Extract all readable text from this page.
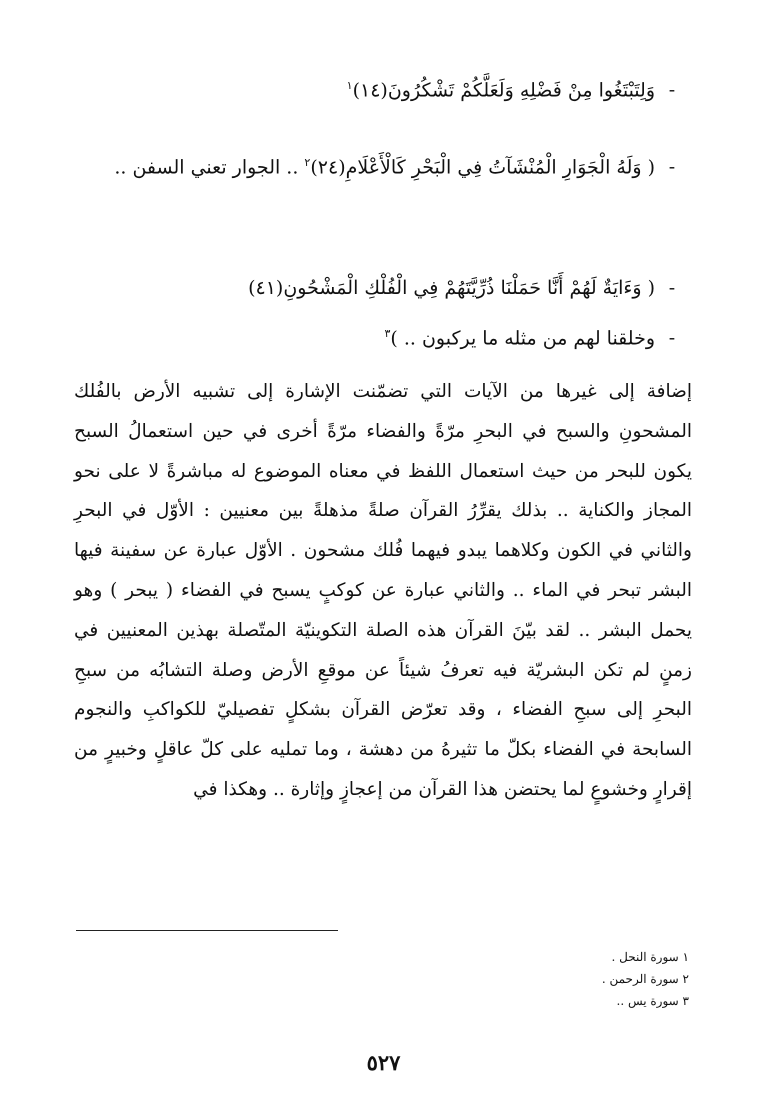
-وَلِتَبْتَغُوا مِنْ فَضْلِهِ وَلَعَلَّكُمْ تَشْكُرُونَ(١٤)$^١$
-( وَلَهُ الْجَوَارِ الْمُنْشَآتُ فِي الْبَحْرِ كَالْأَعْلَامِ(٢٤)$^٢$ .. الجوار تعني السفن ..
-( وَءَايَةٌ لَهُمْ أَنَّا حَمَلْنَا ذُرِّيَّتَهُمْ فِي الْفُلْكِ الْمَشْحُونِ(٤١)
-وخلقنا لهم من مثله ما يركبون .. )$^٣$
إضافة إلى غيرها من الآيات التي تضمّنت الإشارة إلى تشبيه الأرض بالفُلك المشحونِ والسبح في البحرِ مرّةً والفضاء مرّةً أخرى في حين استعمالُ السبح يكون للبحر من حيث استعمال اللفظ في معناه الموضوع له مباشرةً لا على نحو المجاز والكناية .. بذلك يقرِّرُ القرآن صلةً مذهلةً بين معنيين : الأوّل في البحرِ والثاني في الكون وكلاهما يبدو فيهما فُلك مشحون . الأوّل عبارة عن سفينة فيها البشر تبحر في الماء .. والثاني عبارة عن كوكبٍ يسبح في الفضاء ( يبحر ) وهو يحمل البشر .. لقد بيّنَ القرآن هذه الصلة التكوينيّة المتّصلة بهذين المعنيين في زمنٍ لم تكن البشريّة فيه تعرفُ شيئاً عن موقعِ الأرض وصلة التشابُه من سبحِ البحرِ إلى سبحِ الفضاء ، وقد تعرّض القرآن بشكلٍ تفصيليّ للكواكبِ والنجوم السابحة في الفضاء بكلّ ما تثيرهُ من دهشة ، وما تمليه على كلّ عاقلٍ وخبيرٍ من إقرارٍ وخشوعٍ لما يحتضن هذا القرآن من إعجازٍ وإثارة .. وهكذا في
١ سورة النحل .
٢ سورة الرحمن .
٣ سورة يس ..
٥٢٧
